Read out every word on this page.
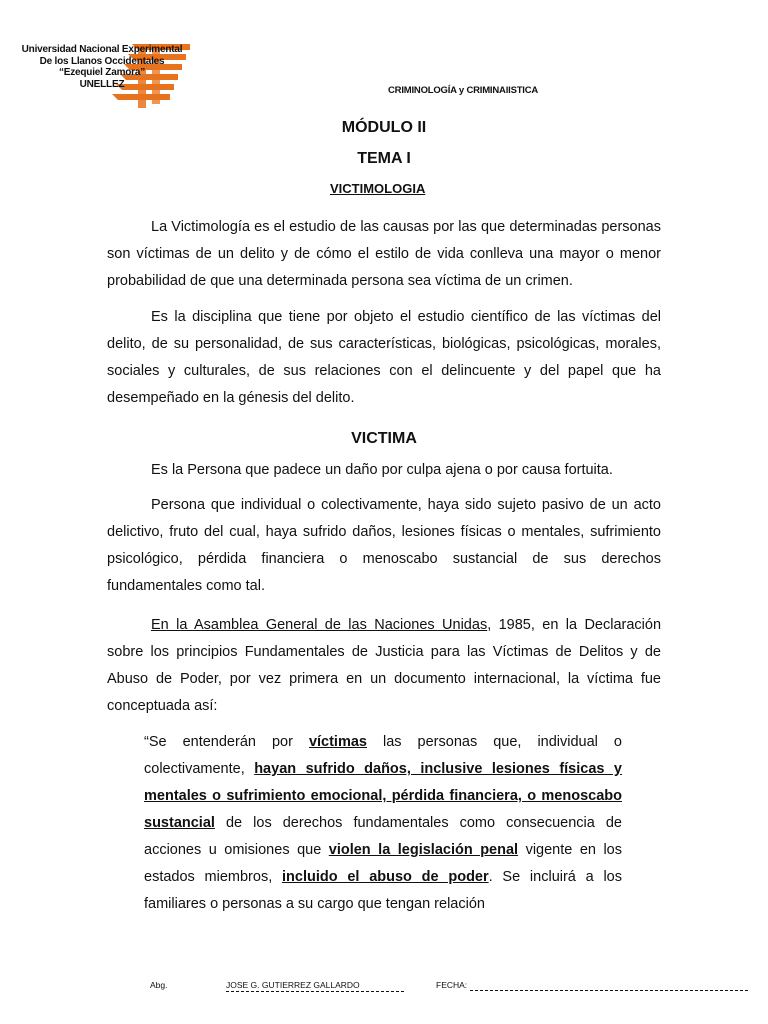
Universidad Nacional Experimental
De los Llanos Occidentales
“Ezequiel Zamora”
UNELLEZ
CRIMINOLOGÍA y CRIMINAlISTICA
MÓDULO II
TEMA I
VICTIMOLOGIA

La Victimología es el estudio de las causas por las que determinadas personas son víctimas de un delito y de cómo el estilo de vida conlleva una mayor o menor probabilidad de que una determinada persona sea víctima de un crimen.

Es la disciplina que tiene por objeto el estudio científico de las víctimas del delito, de su personalidad, de sus características, biológicas, psicológicas, morales, sociales y culturales, de sus relaciones con el delincuente y del papel que ha desempeñado en la génesis del delito.

VICTIMA

Es la Persona que padece un daño por culpa ajena o por causa fortuita.

Persona que individual o colectivamente, haya sido sujeto pasivo de un acto delictivo, fruto del cual, haya sufrido daños, lesiones físicas o mentales, sufrimiento psicológico, pérdida financiera o menoscabo sustancial de sus derechos fundamentales como tal.

En la Asamblea General de las Naciones Unidas, 1985, en la Declaración sobre los principios Fundamentales de Justicia para las Víctimas de Delitos y de Abuso de Poder, por vez primera en un documento internacional, la víctima fue conceptuada así:

“Se entenderán por víctimas las personas que, individual o colectivamente, hayan sufrido daños, inclusive lesiones físicas y mentales o sufrimiento emocional, pérdida financiera, o menoscabo sustancial de los derechos fundamentales como consecuencia de acciones u omisiones que violen la legislación penal vigente en los estados miembros, incluido el abuso de poder. Se incluirá a los familiares o personas a su cargo que tengan relación

Abg.	JOSE G. GUTIERREZ GALLARDO	FECHA:
